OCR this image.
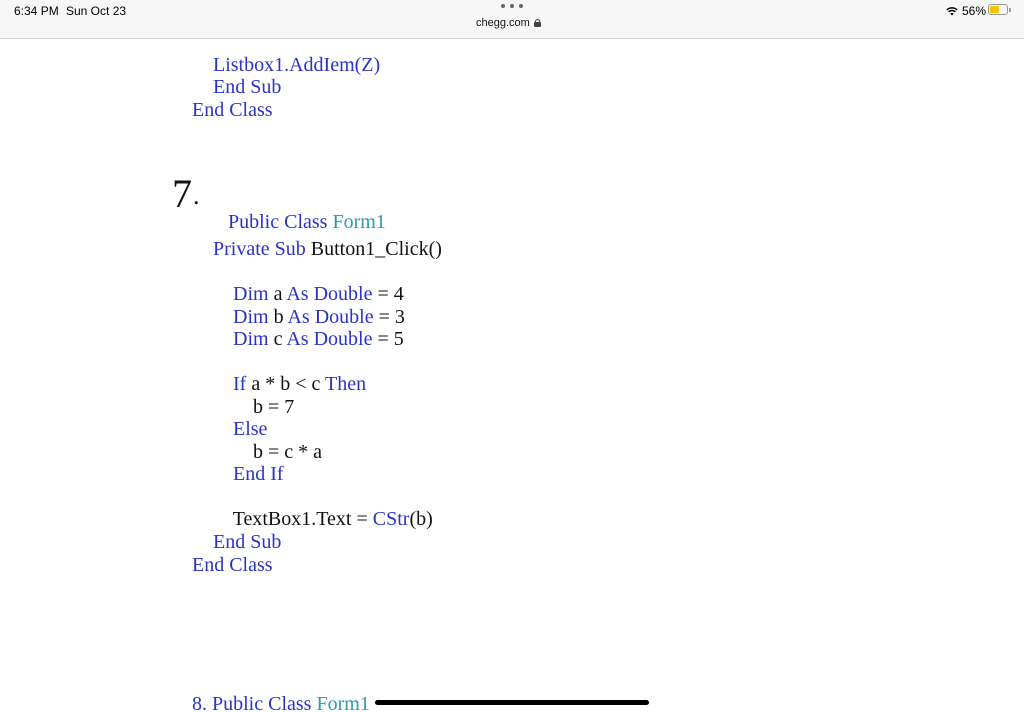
6:34 PM Sun Oct 23
chegg.com
56%

Listbox1.AddIem(Z)

End Sub

End Class

7 .

Public Class Form1

Private Sub Button1_Click()

Dim a As Double = 4

Dim b As Double = 3

Dim c As Double = 5

If a * b < c Then

b = 7

Else

b = c * a

End If

TextBox1.Text = CStr(b)

End Sub

End Class

8. Public Class Form1
